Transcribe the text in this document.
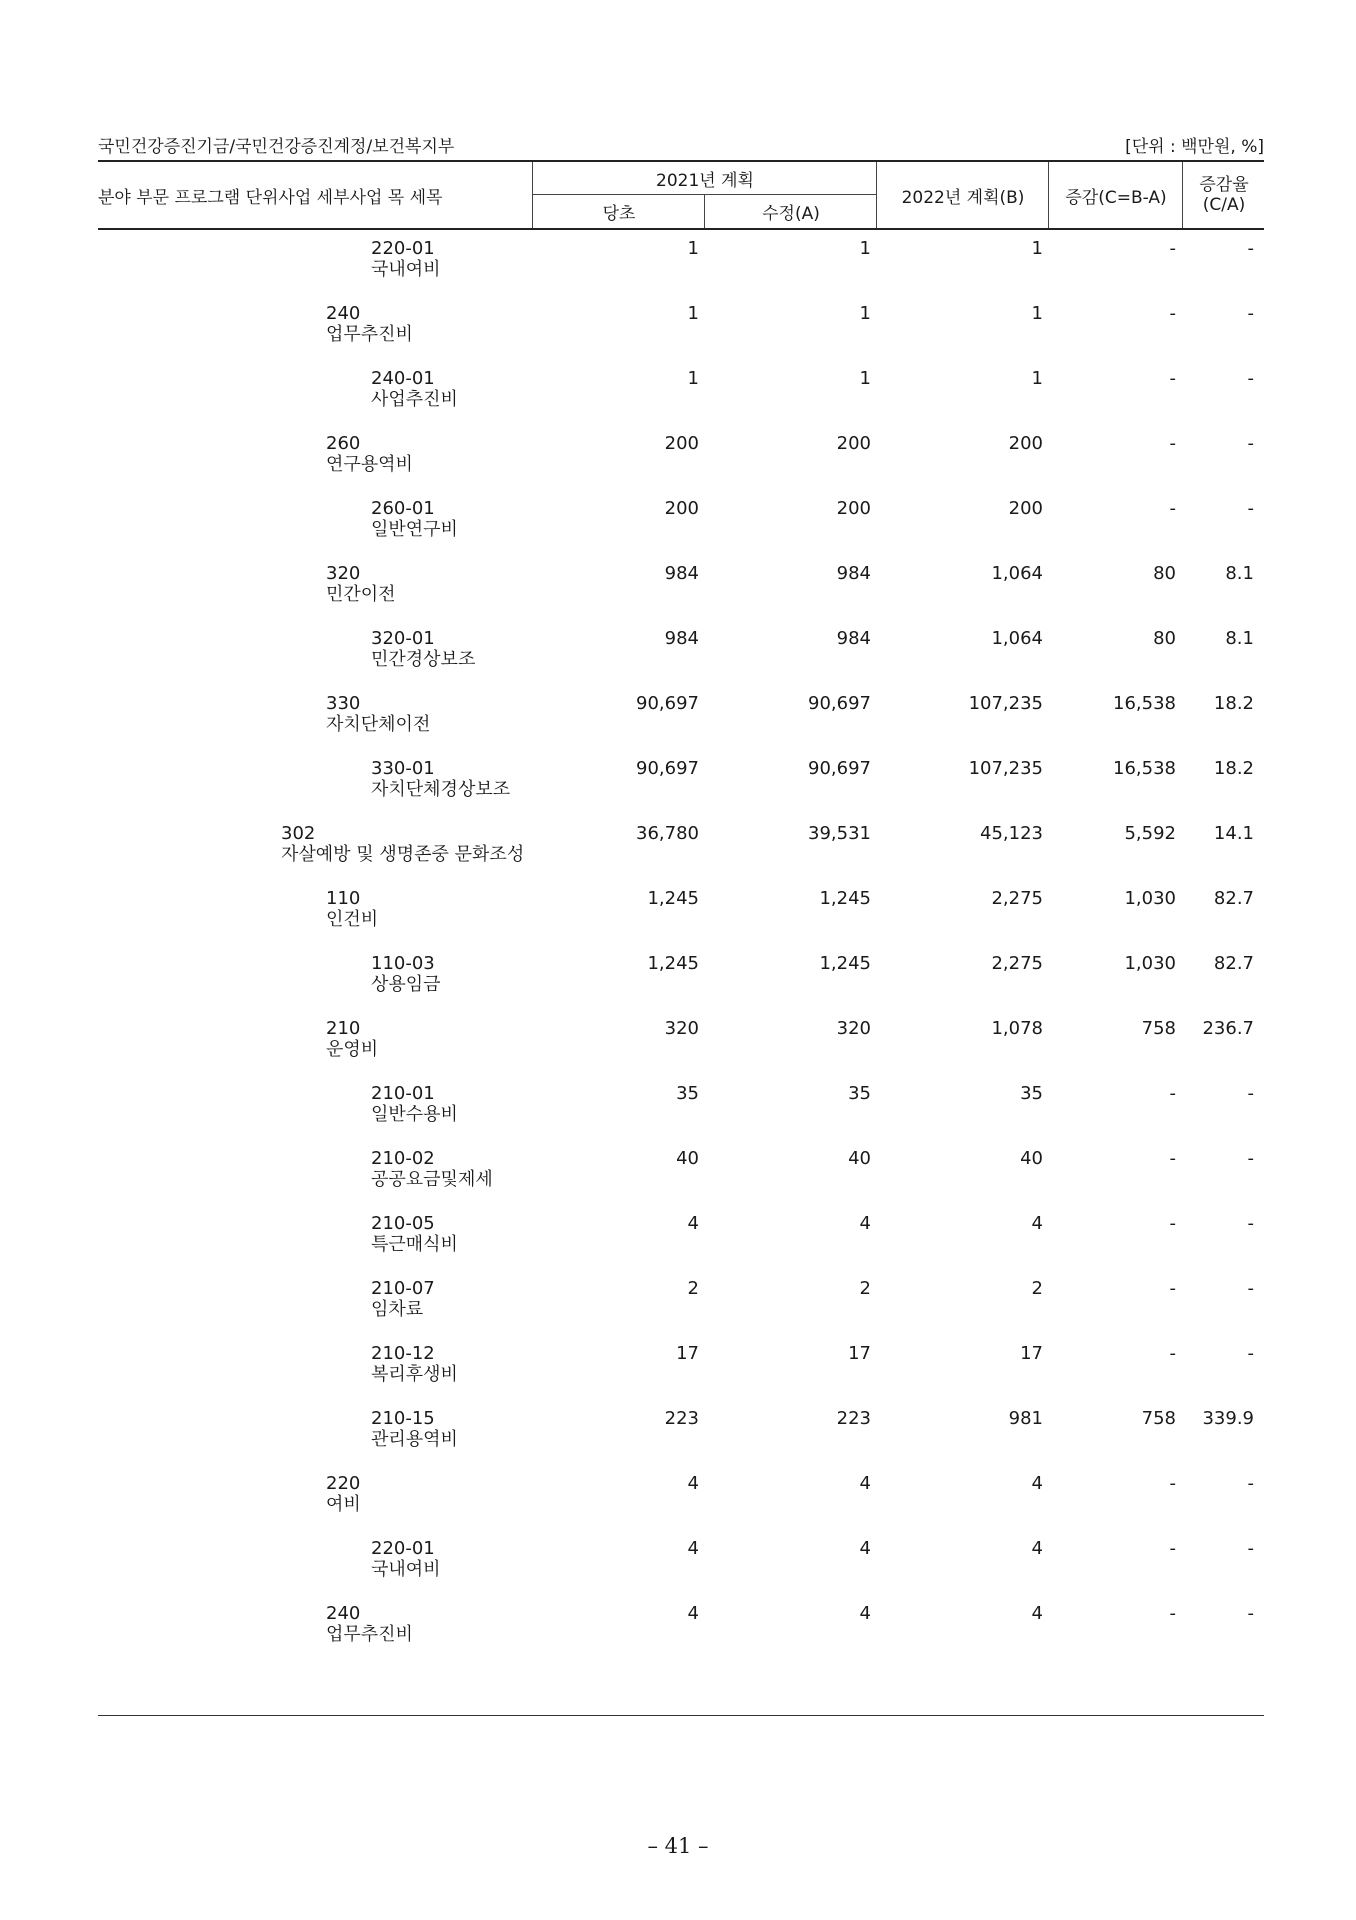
국민건강증진기금/국민건강증진계정/보건복지부	[단위 : 백만원, %]
분야 부문 프로그램 단위사업 세부사업 목 세목
2021년 계획
당초	수정(A)
2022년 계획(B)	증감(C=B-A)
증감율
(C/A)
220-01
국내여비
1	1	1	-	-
240
업무추진비
1	1	1	-	-
240-01
사업추진비
1	1	1	-	-
260
연구용역비
200	200	200	-	-
260-01
일반연구비
200	200	200	-	-
320
민간이전
984	984	1,064	80	8.1
320-01
민간경상보조
984	984	1,064	80	8.1
330
자치단체이전
90,697	90,697	107,235	16,538 18.2
330-01
자치단체경상보조
90,697	90,697	107,235	16,538 18.2
302
자살예방 및 생명존중 문화조성
36,780	39,531	45,123	5,592 14.1
110
인건비
1,245	1,245	2,275	1,030 82.7
110-03
상용임금
1,245	1,245	2,275	1,030 82.7
210
운영비
320	320	1,078	758 236.7
210-01
일반수용비
35	35	35	-	-
210-02
공공요금및제세
40	40	40	-	-
210-05
특근매식비
4	4	4	-	-
210-07
임차료
2	2	2	-	-
210-12
복리후생비
17	17	17	-	-
210-15
관리용역비
223	223	981	758 339.9
220
여비
4	4	4	-	-
220-01
국내여비
4	4	4	-	-
240
업무추진비
4	4	4	-	-
– 41 –
